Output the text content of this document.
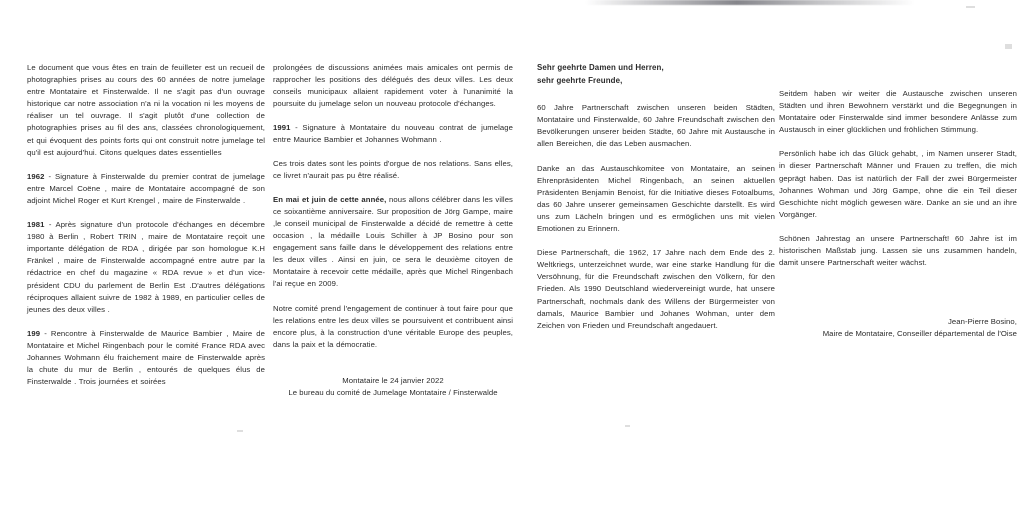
Le document que vous êtes en train de feuilleter est un recueil de photographies prises au cours des 60 années de notre jumelage entre Montataire et Finsterwalde. Il ne s'agit pas d'un ouvrage historique car notre association n'a ni la vocation ni les moyens de réaliser un tel ouvrage. Il s'agit plutôt d'une collection de photographies prises au fil des ans, classées chronologiquement, et qui évoquent des points forts qui ont construit notre jumelage tel qu'il est aujourd'hui. Citons quelques dates essentielles

1962 - Signature à Finsterwalde du premier contrat de jumelage entre Marcel Coëne , maire de Montataire accompagné de son adjoint Michel Roger et Kurt Krengel , maire de Finsterwalde .

1981 - Après signature d'un protocole d'échanges en décembre 1980 à Berlin , Robert TRIN , maire de Montataire reçoit une importante délégation de RDA , dirigée par son homologue K.H Fränkel , maire de Finsterwalde accompagné entre autre par la rédactrice en chef du magazine « RDA revue » et d'un vice-président CDU du parlement de Berlin Est .D'autres délégations réciproques allaient suivre de 1982 à 1989, en particulier celles de jeunes des deux villes .

199 - Rencontre à Finsterwalde de Maurice Bambier , Maire de Montataire et Michel Ringenbach pour le comité France RDA avec Johannes Wohmann élu fraichement maire de Finsterwalde après la chute du mur de Berlin , entourés de quelques élus de Finsterwalde . Trois journées et soirées

prolongées de discussions animées mais amicales ont permis de rapprocher les positions des délégués des deux villes. Les deux conseils municipaux allaient rapidement voter à l'unanimité la poursuite du jumelage selon un nouveau protocole d'échanges.

1991 - Signature à Montataire du nouveau contrat de jumelage entre Maurice Bambier et Johannes Wohmann .

Ces trois dates sont les points d'orgue de nos relations. Sans elles, ce livret n'aurait pas pu être réalisé.

En mai et juin de cette année, nous allons célébrer dans les villes ce soixantième anniversaire. Sur proposition de Jörg Gampe, maire ,le conseil municipal de Finsterwalde a décidé de remettre à cette occasion , la médaille Louis Schiller à JP Bosino pour son engagement sans faille dans le développement des relations entre les deux villes . Ainsi en juin, ce sera le deuxième citoyen de Montataire à recevoir cette médaille, après que Michel Ringenbach l'ai reçue en 2009.

Notre comité prend l'engagement de continuer à tout faire pour que les relations entre les deux villes se poursuivent et contribuent ainsi encore plus, à la construction d'une véritable Europe des peuples, dans la paix et la démocratie.

Montataire le 24 janvier 2022

Le bureau du comité de Jumelage Montataire / Finsterwalde

Sehr geehrte Damen und Herren,
sehr geehrte Freunde,

60 Jahre Partnerschaft zwischen unseren beiden Städten, Montataire und Finsterwalde, 60 Jahre Freundschaft zwischen den Bevölkerungen unserer beiden Städte, 60 Jahre mit Austausche in allen Bereichen, die das Leben ausmachen.

Danke an das Austauschkomitee von Montataire, an seinen Ehrenpräsidenten Michel Ringenbach, an seinen aktuellen Präsidenten Benjamin Benoist, für die Initiative dieses Fotoalbums, das 60 Jahre unserer gemeinsamen Geschichte darstellt. Es wird uns zum Lächeln bringen und es ermöglichen uns mit vielen Emotionen zu Erinnern.

Diese Partnerschaft, die 1962, 17 Jahre nach dem Ende des 2. Weltkriegs, unterzeichnet wurde, war eine starke Handlung für die Versöhnung, für die Freundschaft zwischen den Völkern, für den Frieden. Als 1990 Deutschland wiedervereinigt wurde, hat unsere Partnerschaft, nochmals dank des Willens der Bürgermeister von damals, Maurice Bambier und Johanes Wohman, unter dem Zeichen von Frieden und Freundschaft angedauert.

Seitdem haben wir weiter die Austausche zwischen unseren Städten und ihren Bewohnern verstärkt und die Begegnungen in Montataire oder Finsterwalde sind immer besondere Anlässe zum Austausch in einer glücklichen und fröhlichen Stimmung.

Persönlich habe ich das Glück gehabt, , im Namen unserer Stadt, in dieser Partnerschaft Männer und Frauen zu treffen, die mich geprägt haben. Das ist natürlich der Fall der zwei Bürgermeister Johannes Wohman und Jörg Gampe, ohne die ein Teil dieser Geschichte nicht möglich gewesen wäre. Danke an sie und an ihre Vorgänger.

Schönen Jahrestag an unsere Partnerschaft! 60 Jahre ist im historischen Maßstab jung. Lassen sie uns zusammen handeln, damit unsere Partnerschaft weiter wächst.

Jean-Pierre Bosino,

Maire de Montataire, Conseiller départemental de l'Oise
